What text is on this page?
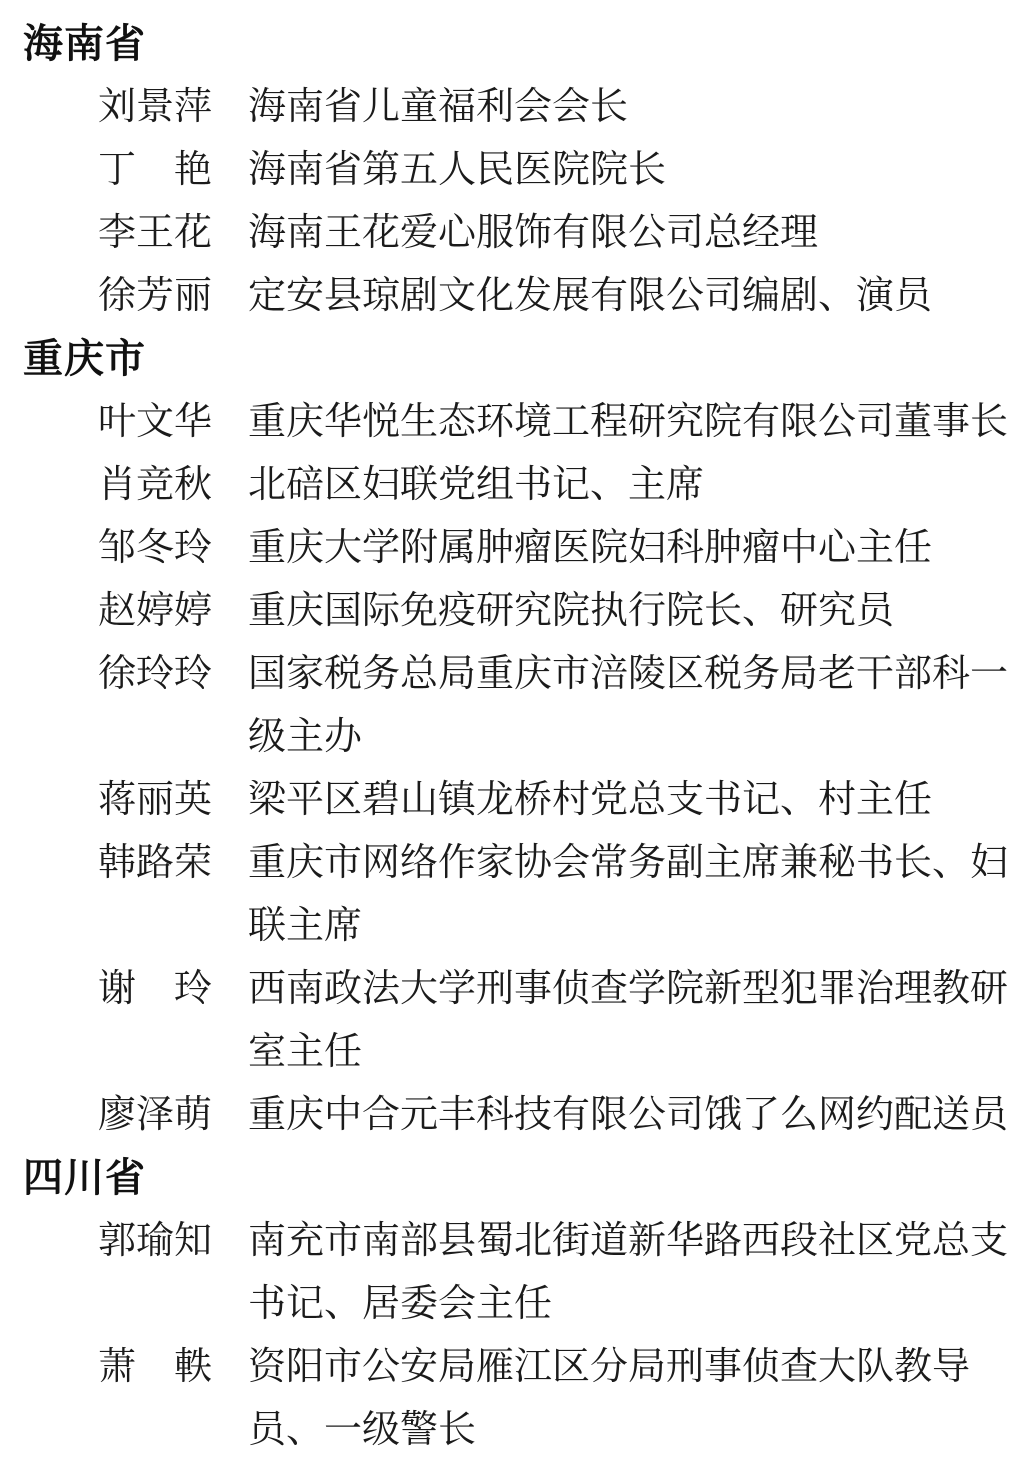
海南省
刘景萍 海南省儿童福利会会长
丁　艳 海南省第五人民医院院长
李王花 海南王花爱心服饰有限公司总经理
徐芳丽 定安县琼剧文化发展有限公司编剧、演员
重庆市
叶文华 重庆华悦生态环境工程研究院有限公司董事长
肖竞秋 北碚区妇联党组书记、主席
邹冬玲 重庆大学附属肿瘤医院妇科肿瘤中心主任
赵婷婷 重庆国际免疫研究院执行院长、研究员
徐玲玲 国家税务总局重庆市涪陵区税务局老干部科一级主办
蒋丽英 梁平区碧山镇龙桥村党总支书记、村主任
韩路荣 重庆市网络作家协会常务副主席兼秘书长、妇联主席
谢　玲 西南政法大学刑事侦查学院新型犯罪治理教研室主任
廖泽萌 重庆中合元丰科技有限公司饿了么网约配送员
四川省
郭瑜知 南充市南部县蜀北街道新华路西段社区党总支书记、居委会主任
萧　軼 资阳市公安局雁江区分局刑事侦查大队教导员、一级警长
